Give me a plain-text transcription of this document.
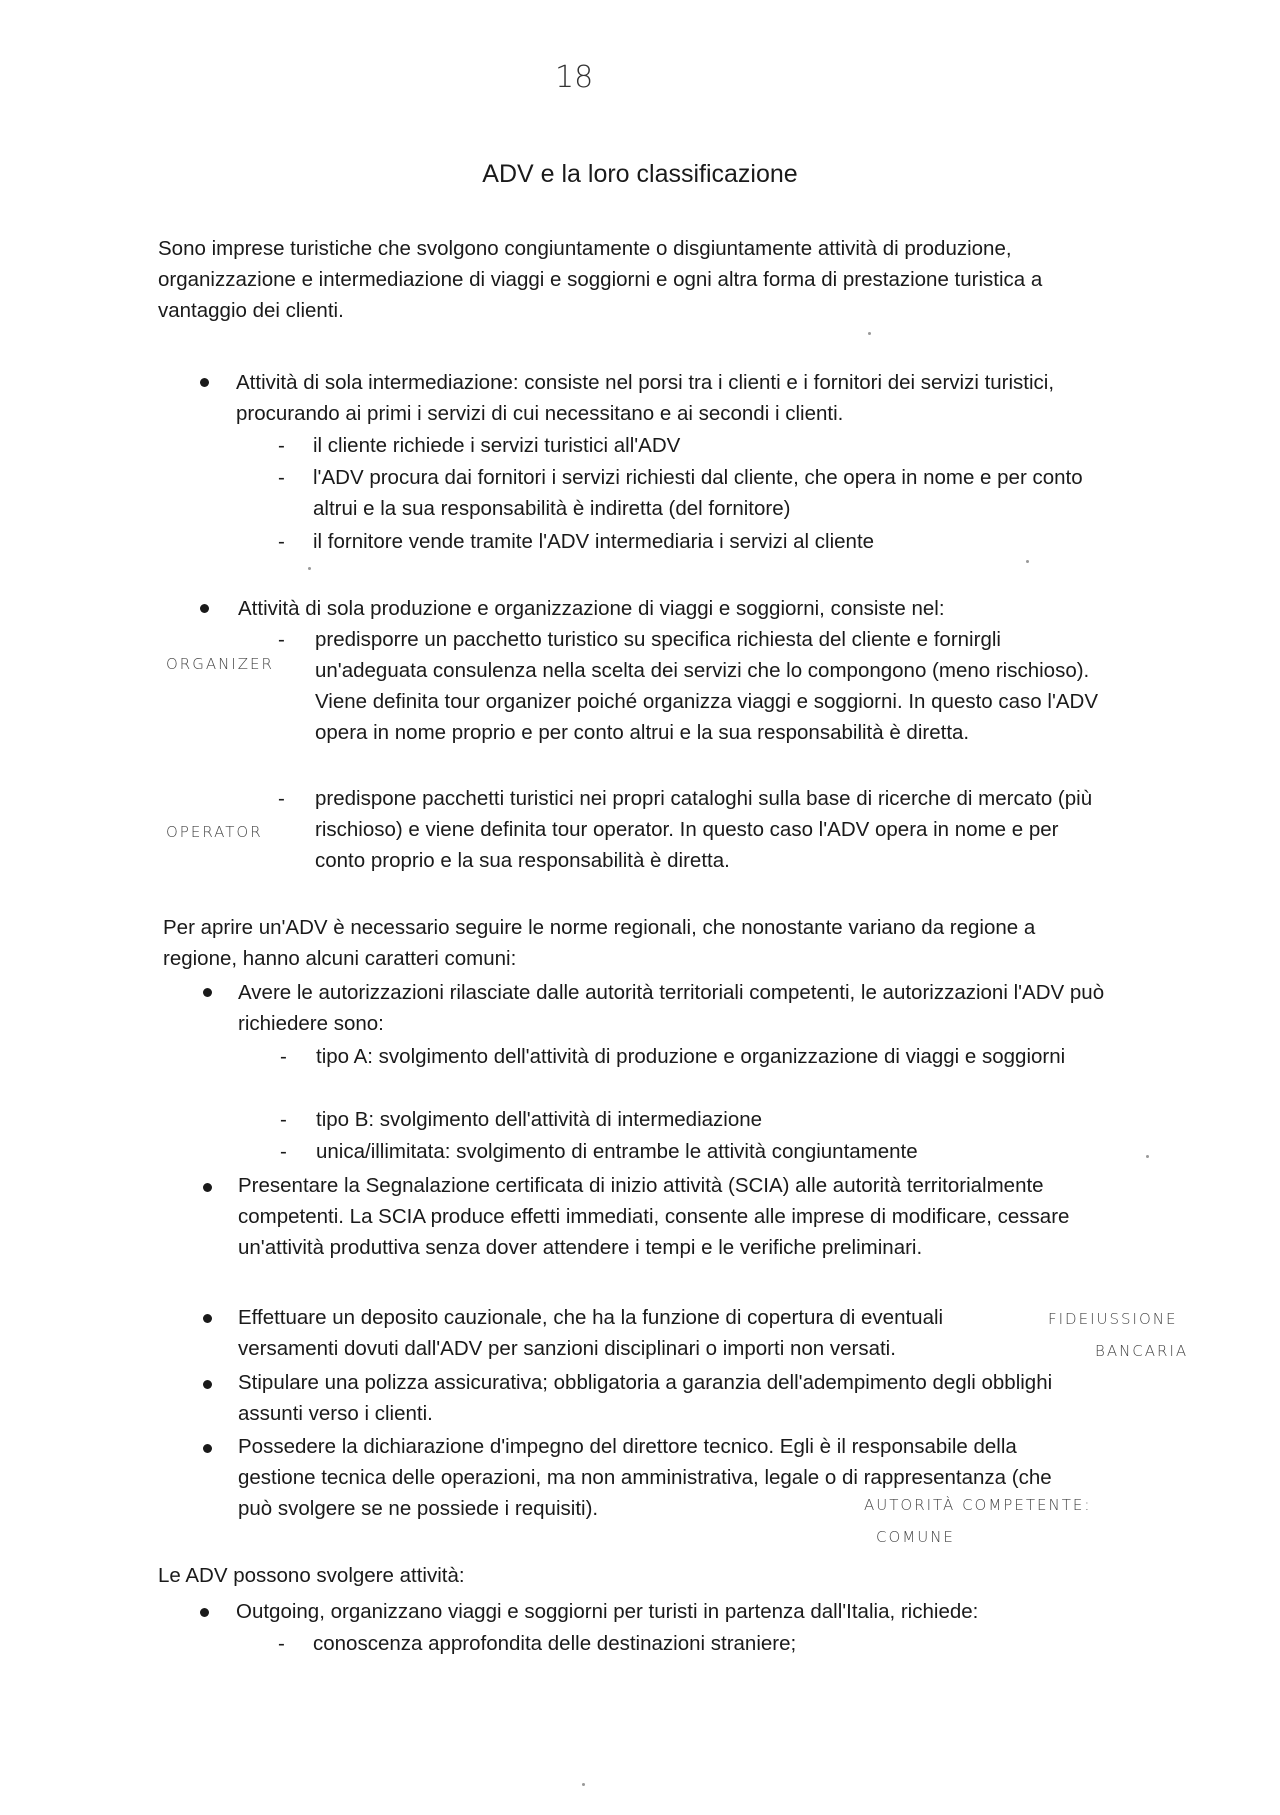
18
ADV e la loro classificazione

Sono imprese turistiche che svolgono congiuntamente o disgiuntamente attività di produzione, organizzazione e intermediazione di viaggi e soggiorni e ogni altra forma di prestazione turistica a vantaggio dei clienti.

Attività di sola intermediazione: consiste nel porsi tra i clienti e i fornitori dei servizi turistici, procurando ai primi i servizi di cui necessitano e ai secondi i clienti.
- il cliente richiede i servizi turistici all'ADV
- l'ADV procura dai fornitori i servizi richiesti dal cliente, che opera in nome e per conto altrui e la sua responsabilità è indiretta (del fornitore)
- il fornitore vende tramite l'ADV intermediaria i servizi al cliente
Attività di sola produzione e organizzazione di viaggi e soggiorni, consiste nel:
- predisporre un pacchetto turistico su specifica richiesta del cliente e fornirgli un'adeguata consulenza nella scelta dei servizi che lo compongono (meno rischioso). Viene definita tour organizer poiché organizza viaggi e soggiorni. In questo caso l'ADV opera in nome proprio e per conto altrui e la sua responsabilità è diretta.
ORGANIZER
- predispone pacchetti turistici nei propri cataloghi sulla base di ricerche di mercato (più rischioso) e viene definita tour operator. In questo caso l'ADV opera in nome e per conto proprio e la sua responsabilità è diretta.
OPERATOR

Per aprire un'ADV è necessario seguire le norme regionali, che nonostante variano da regione a regione, hanno alcuni caratteri comuni:

Avere le autorizzazioni rilasciate dalle autorità territoriali competenti, le autorizzazioni l'ADV può richiedere sono:
- tipo A: svolgimento dell'attività di produzione e organizzazione di viaggi e soggiorni
- tipo B: svolgimento dell'attività di intermediazione
- unica/illimitata: svolgimento di entrambe le attività congiuntamente
Presentare la Segnalazione certificata di inizio attività (SCIA) alle autorità territorialmente competenti. La SCIA produce effetti immediati, consente alle imprese di modificare, cessare un'attività produttiva senza dover attendere i tempi e le verifiche preliminari.
Effettuare un deposito cauzionale, che ha la funzione di copertura di eventuali versamenti dovuti dall'ADV per sanzioni disciplinari o importi non versati.
FIDEIUSSIONE
BANCARIA
Stipulare una polizza assicurativa; obbligatoria a garanzia dell'adempimento degli obblighi assunti verso i clienti.
Possedere la dichiarazione d'impegno del direttore tecnico. Egli è il responsabile della gestione tecnica delle operazioni, ma non amministrativa, legale o di rappresentanza (che può svolgere se ne possiede i requisiti).	AUTORITÀ COMPETENTE:
COMUNE

Le ADV possono svolgere attività:

Outgoing, organizzano viaggi e soggiorni per turisti in partenza dall'Italia, richiede:
- conoscenza approfondita delle destinazioni straniere;
